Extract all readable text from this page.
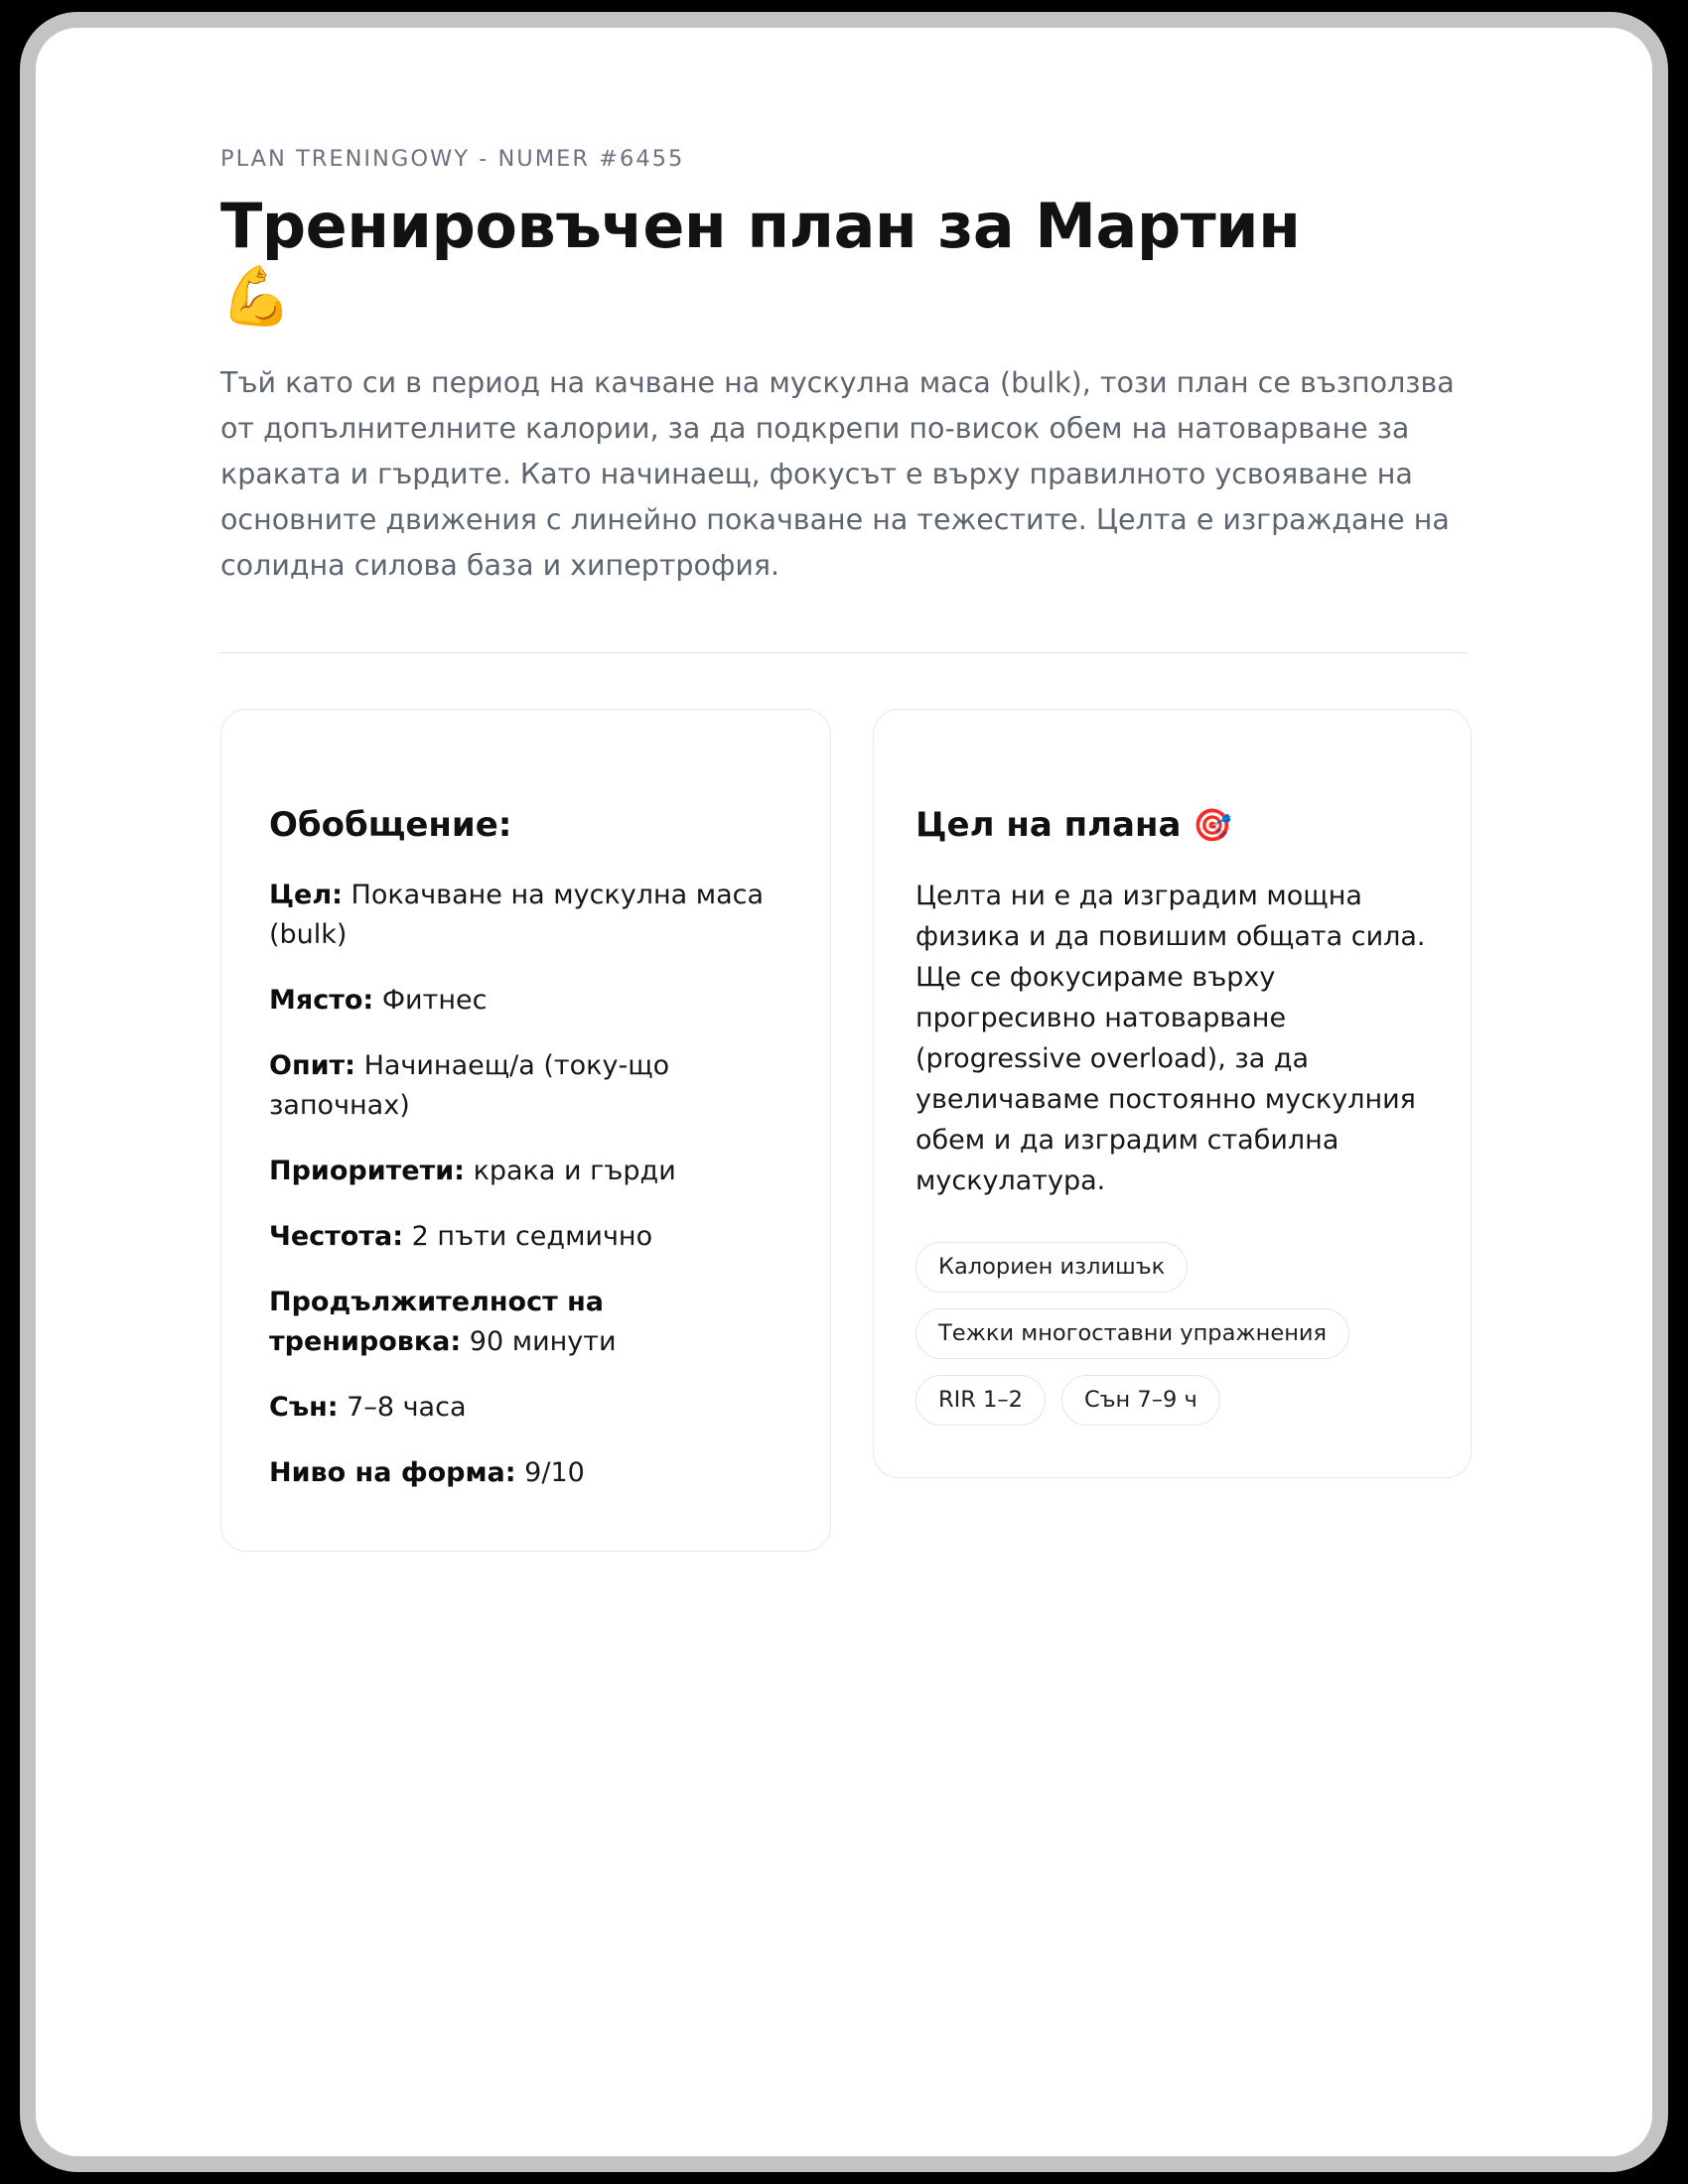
PLAN TRENINGOWY - NUMER #6455
Тренировъчен план за Мартин
💪

Тъй като си в период на качване на мускулна маса (bulk), този план се възползва от допълнителните калории, за да подкрепи по-висок обем на натоварване за краката и гърдите. Като начинаещ, фокусът е върху правилното усвояване на основните движения с линейно покачване на тежестите. Целта е изграждане на солидна силова база и хипертрофия.

Обобщение:

Цел: Покачване на мускулна маса (bulk)

Място: Фитнес

Опит: Начинаещ/а (току-що започнах)

Приоритети: крака и гърди

Честота: 2 пъти седмично

Продължителност на тренировка: 90 минути

Сън: 7–8 часа

Ниво на форма: 9/10

Цел на плана 🎯

Целта ни е да изградим мощна физика и да повишим общата сила. Ще се фокусираме върху прогресивно натоварване (progressive overload), за да увеличаваме постоянно мускулния обем и да изградим стабилна мускулатура.

Калориен излишък
Тежки многоставни упражнения
RIR 1–2	Сън 7–9 ч
